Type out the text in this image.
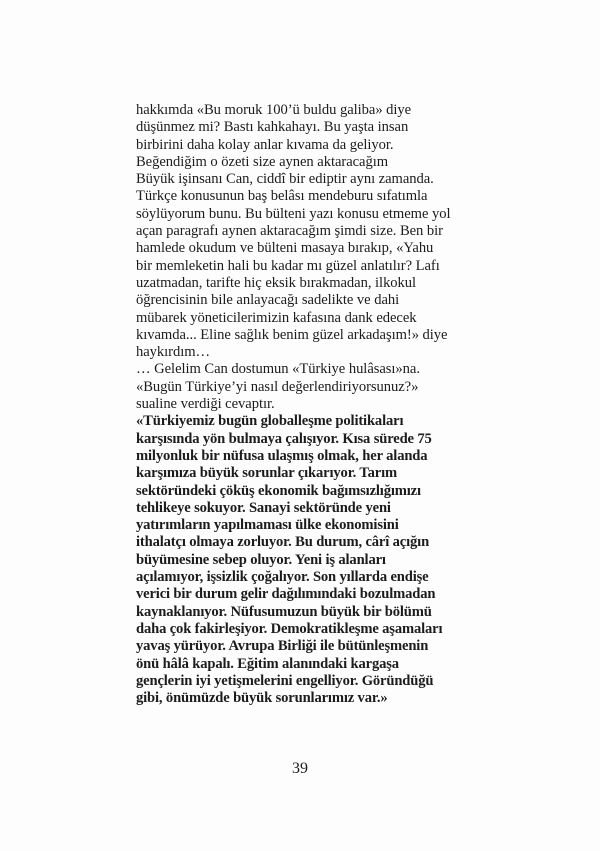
hakkımda «Bu moruk 100’ü buldu galiba» diye
düşünmez mi? Bastı kahkahayı. Bu yaşta insan
birbirini daha kolay anlar kıvama da geliyor.
Beğendiğim o özeti size aynen aktaracağım
Büyük işinsanı Can, ciddî bir ediptir aynı zamanda.
Türkçe konusunun baş belâsı mendeburu sıfatımla
söylüyorum bunu. Bu bülteni yazı konusu etmeme yol
açan paragrafı aynen aktaracağım şimdi size. Ben bir
hamlede okudum ve bülteni masaya bırakıp, «Yahu
bir memleketin hali bu kadar mı güzel anlatılır? Lafı
uzatmadan, tarifte hiç eksik bırakmadan, ilkokul
öğrencisinin bile anlayacağı sadelikte ve dahi
mübarek yöneticilerimizin kafasına dank edecek
kıvamda... Eline sağlık benim güzel arkadaşım!» diye
haykırdım…
… Gelelim Can dostumun «Türkiye hulâsası»na.
«Bugün Türkiye’yi nasıl değerlendiriyorsunuz?»
sualine verdiği cevaptır.
«Türkiyemiz bugün globalleşme politikaları
karşısında yön bulmaya çalışıyor. Kısa sürede 75
milyonluk bir nüfusa ulaşmış olmak, her alanda
karşımıza büyük sorunlar çıkarıyor. Tarım
sektöründeki çöküş ekonomik bağımsızlığımızı
tehlikeye sokuyor. Sanayi sektöründe yeni
yatırımların yapılmaması ülke ekonomisini
ithalatçı olmaya zorluyor. Bu durum, cârî açığın
büyümesine sebep oluyor. Yeni iş alanları
açılamıyor, işsizlik çoğalıyor. Son yıllarda endişe
verici bir durum gelir dağılımındaki bozulmadan
kaynaklanıyor. Nüfusumuzun büyük bir bölümü
daha çok fakirleşiyor. Demokratikleşme aşamaları
yavaş yürüyor. Avrupa Birliği ile bütünleşmenin
önü hâlâ kapalı. Eğitim alanındaki kargaşa
gençlerin iyi yetişmelerini engelliyor. Göründüğü
gibi, önümüzde büyük sorunlarımız var.»
39
